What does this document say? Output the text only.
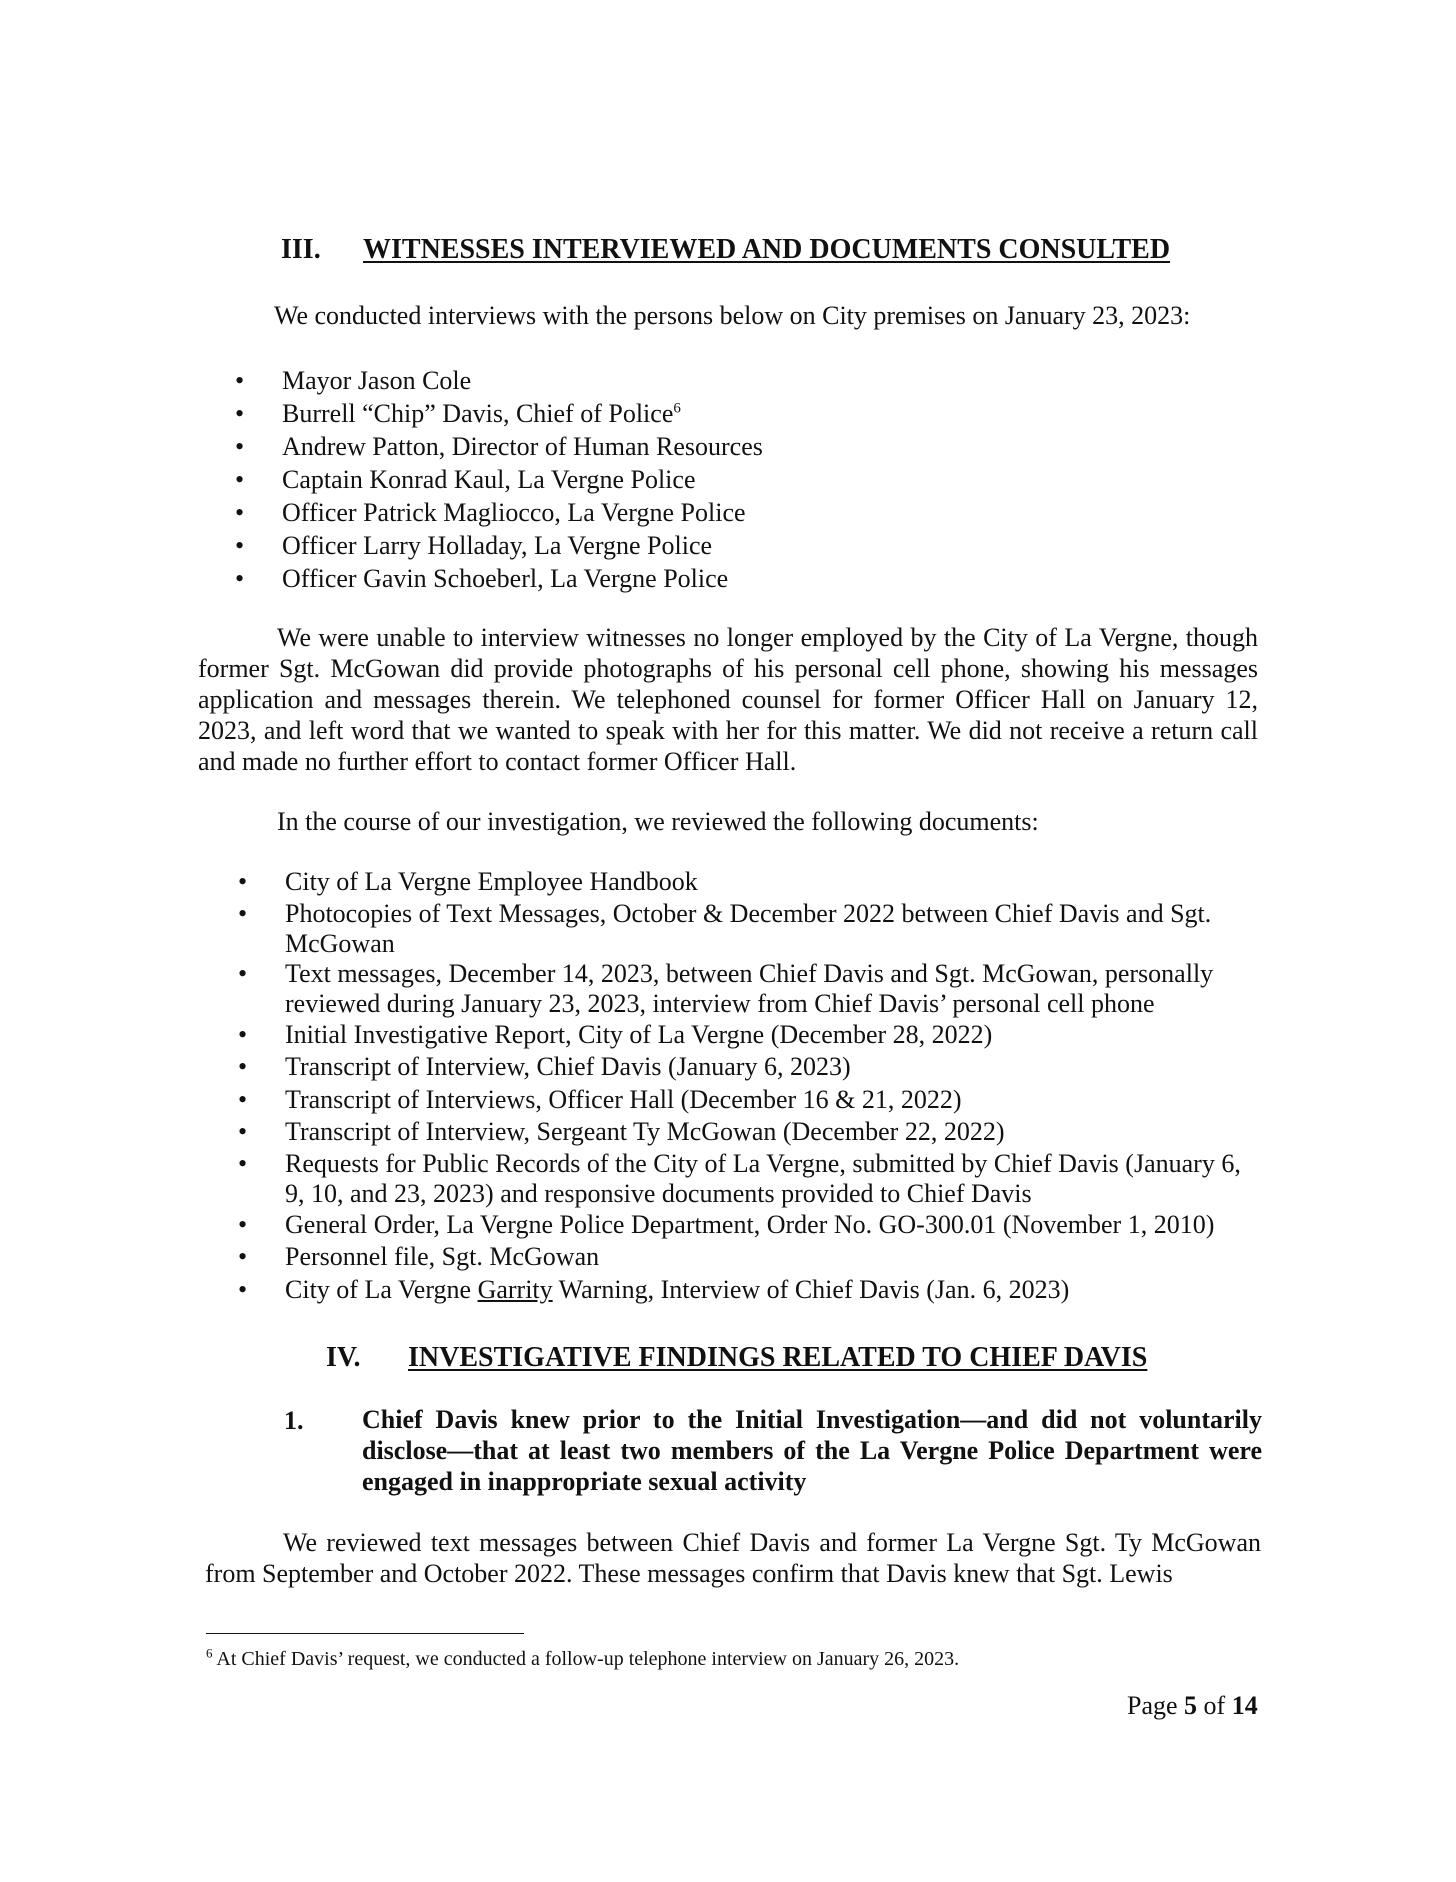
III. WITNESSES INTERVIEWED AND DOCUMENTS CONSULTED
We conducted interviews with the persons below on City premises on January 23, 2023:
• Mayor Jason Cole
• Burrell “Chip” Davis, Chief of Police$^6$
• Andrew Patton, Director of Human Resources
• Captain Konrad Kaul, La Vergne Police
• Officer Patrick Magliocco, La Vergne Police
• Officer Larry Holladay, La Vergne Police
• Officer Gavin Schoeberl, La Vergne Police
We were unable to interview witnesses no longer employed by the City of La Vergne, though former Sgt. McGowan did provide photographs of his personal cell phone, showing his messages application and messages therein. We telephoned counsel for former Officer Hall on January 12, 2023, and left word that we wanted to speak with her for this matter. We did not receive a return call and made no further effort to contact former Officer Hall.
In the course of our investigation, we reviewed the following documents:
• City of La Vergne Employee Handbook
• Photocopies of Text Messages, October & December 2022 between Chief Davis and Sgt. McGowan
• Text messages, December 14, 2023, between Chief Davis and Sgt. McGowan, personally reviewed during January 23, 2023, interview from Chief Davis’ personal cell phone
• Initial Investigative Report, City of La Vergne (December 28, 2022)
• Transcript of Interview, Chief Davis (January 6, 2023)
• Transcript of Interviews, Officer Hall (December 16 & 21, 2022)
• Transcript of Interview, Sergeant Ty McGowan (December 22, 2022)
• Requests for Public Records of the City of La Vergne, submitted by Chief Davis (January 6, 9, 10, and 23, 2023) and responsive documents provided to Chief Davis
• General Order, La Vergne Police Department, Order No. GO-300.01 (November 1, 2010)
• Personnel file, Sgt. McGowan
• City of La Vergne Garrity Warning, Interview of Chief Davis (Jan. 6, 2023)
IV. INVESTIGATIVE FINDINGS RELATED TO CHIEF DAVIS
1. Chief Davis knew prior to the Initial Investigation—and did not voluntarily disclose—that at least two members of the La Vergne Police Department were engaged in inappropriate sexual activity
We reviewed text messages between Chief Davis and former La Vergne Sgt. Ty McGowan from September and October 2022. These messages confirm that Davis knew that Sgt. Lewis
$^6$ At Chief Davis’ request, we conducted a follow-up telephone interview on January 26, 2023.
Page 5 of 14
